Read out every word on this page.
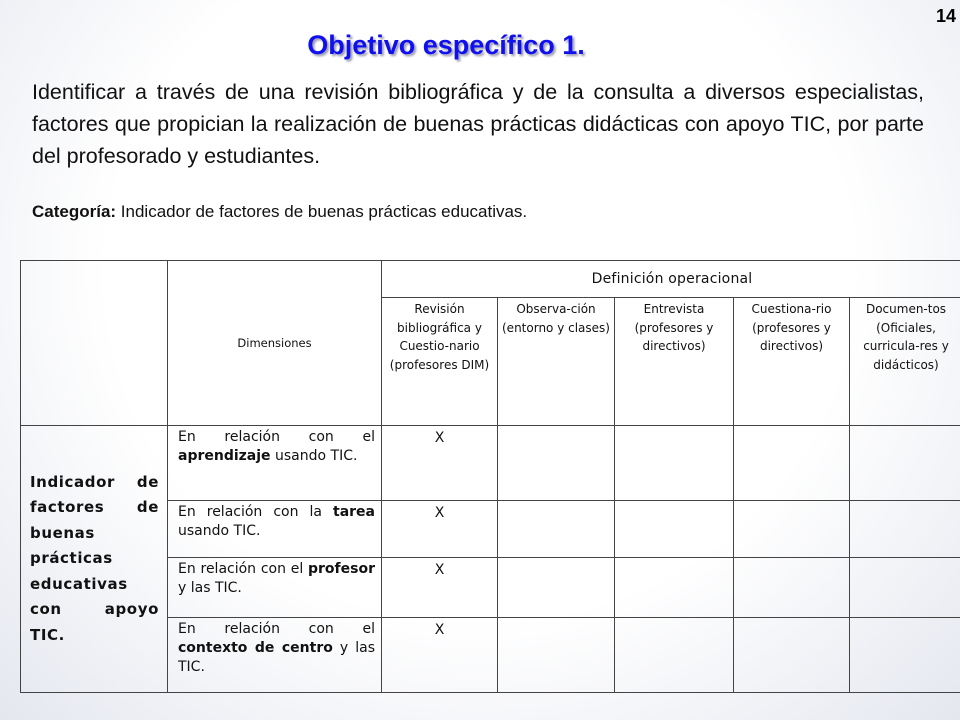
14
Objetivo específico 1.
Identificar a través de una revisión bibliográfica y de la consulta a diversos especialistas, factores que propician la realización de buenas prácticas didácticas con apoyo TIC, por parte del profesorado y estudiantes.
Categoría: Indicador de factores de buenas prácticas educativas.
	Dimensiones	Definición operacional				
		Revisión bibliográfica y Cuestio-nario (profesores DIM)	Observa-ción (entorno y clases)	Entrevista (profesores y directivos)	Cuestiona-rio (profesores y directivos)	Documen-tos (Oficiales, curricula-res y didácticos)
Indicador de factores de buenas prácticas educativas con apoyo TIC.	En relación con el aprendizaje usando TIC.	X				
	En relación con la tarea usando TIC.	X				
	En relación con el profesor y las TIC.	X				
	En relación con el contexto de centro y las TIC.	X				
